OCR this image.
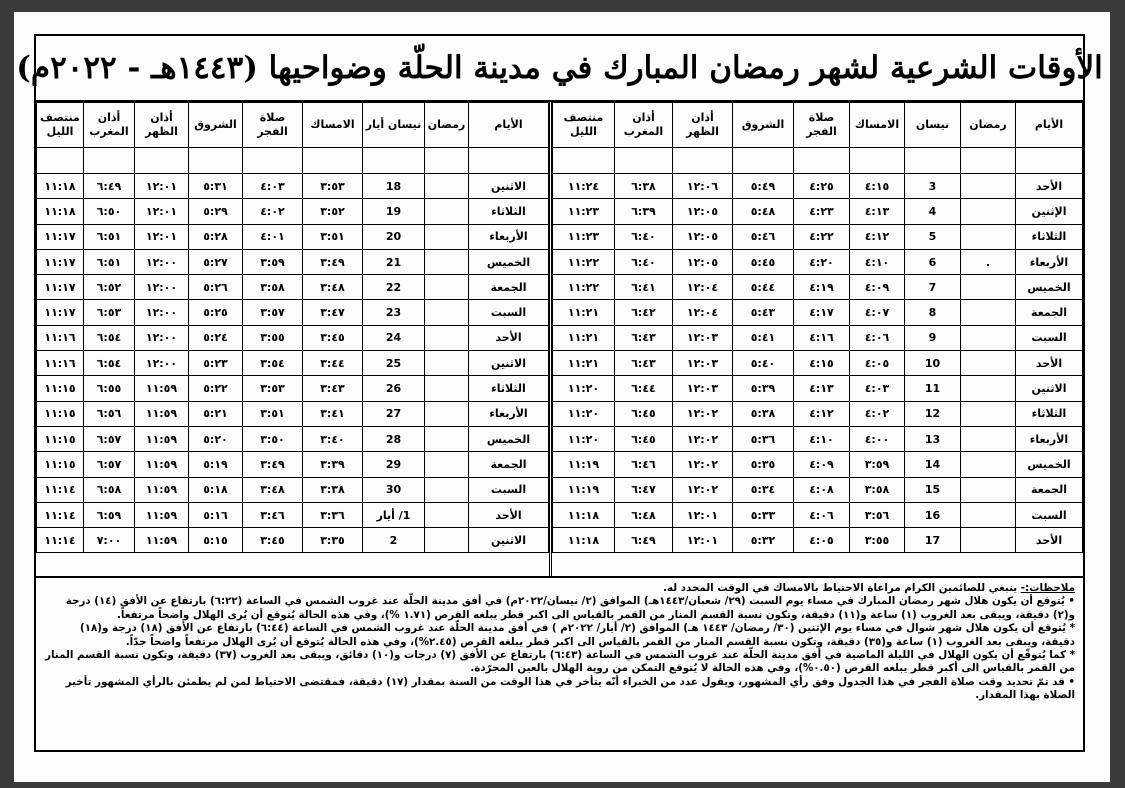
الأوقات الشرعية لشهر رمضان المبارك في مدينة الحلّة وضواحيها (١٤٤٣هـ - ٢٠٢٢م)
الأيام	رمضان	نيسان	الامساك	صلاة الفجر	الشروق	أذان الظهر	أذان المغرب	منتصف الليل

الأحد		3	٤:١٥	٤:٢٥	٥:٤٩	١٢:٠٦	٦:٣٨	١١:٢٤
الإثنين		4	٤:١٣	٤:٢٣	٥:٤٨	١٢:٠٥	٦:٣٩	١١:٢٣
الثلاثاء		5	٤:١٢	٤:٢٢	٥:٤٦	١٢:٠٥	٦:٤٠	١١:٢٣
الأربعاء	.	6	٤:١٠	٤:٢٠	٥:٤٥	١٢:٠٥	٦:٤٠	١١:٢٢
الخميس		7	٤:٠٩	٤:١٩	٥:٤٤	١٢:٠٤	٦:٤١	١١:٢٢
الجمعة		8	٤:٠٧	٤:١٧	٥:٤٣	١٢:٠٤	٦:٤٢	١١:٢١
السبت		9	٤:٠٦	٤:١٦	٥:٤١	١٢:٠٣	٦:٤٣	١١:٢١
الأحد		10	٤:٠٥	٤:١٥	٥:٤٠	١٢:٠٣	٦:٤٣	١١:٢١
الاثنين		11	٤:٠٣	٤:١٣	٥:٣٩	١٢:٠٣	٦:٤٤	١١:٢٠
الثلاثاء		12	٤:٠٢	٤:١٢	٥:٣٨	١٢:٠٢	٦:٤٥	١١:٢٠
الأربعاء		13	٤:٠٠	٤:١٠	٥:٣٦	١٢:٠٢	٦:٤٥	١١:٢٠
الخميس		14	٣:٥٩	٤:٠٩	٥:٣٥	١٢:٠٢	٦:٤٦	١١:١٩
الجمعة		15	٣:٥٨	٤:٠٨	٥:٣٤	١٢:٠٢	٦:٤٧	١١:١٩
السبت		16	٣:٥٦	٤:٠٦	٥:٣٣	١٢:٠١	٦:٤٨	١١:١٨
الأحد		17	٣:٥٥	٤:٠٥	٥:٣٢	١٢:٠١	٦:٤٩	١١:١٨
الأيام	رمضان	نيسان أيار	الامساك	صلاة الفجر	الشروق	أذان الظهر	أذان المغرب	منتصف الليل

الاثنين		18	٣:٥٣	٤:٠٣	٥:٣١	١٢:٠١	٦:٤٩	١١:١٨
الثلاثاء		19	٣:٥٢	٤:٠٢	٥:٢٩	١٢:٠١	٦:٥٠	١١:١٨
الأربعاء		20	٣:٥١	٤:٠١	٥:٢٨	١٢:٠١	٦:٥١	١١:١٧
الخميس		21	٣:٤٩	٣:٥٩	٥:٢٧	١٢:٠٠	٦:٥١	١١:١٧
الجمعة		22	٣:٤٨	٣:٥٨	٥:٢٦	١٢:٠٠	٦:٥٢	١١:١٧
السبت		23	٣:٤٧	٣:٥٧	٥:٢٥	١٢:٠٠	٦:٥٣	١١:١٧
الأحد		24	٣:٤٥	٣:٥٥	٥:٢٤	١٢:٠٠	٦:٥٤	١١:١٦
الاثنين		25	٣:٤٤	٣:٥٤	٥:٢٣	١٢:٠٠	٦:٥٤	١١:١٦
الثلاثاء		26	٣:٤٣	٣:٥٣	٥:٢٢	١١:٥٩	٦:٥٥	١١:١٥
الأربعاء		27	٣:٤١	٣:٥١	٥:٢١	١١:٥٩	٦:٥٦	١١:١٥
الخميس		28	٣:٤٠	٣:٥٠	٥:٢٠	١١:٥٩	٦:٥٧	١١:١٥
الجمعة		29	٣:٣٩	٣:٤٩	٥:١٩	١١:٥٩	٦:٥٧	١١:١٥
السبت		30	٣:٣٨	٣:٤٨	٥:١٨	١١:٥٩	٦:٥٨	١١:١٤
الأحد		1/ أيار	٣:٣٦	٣:٤٦	٥:١٦	١١:٥٩	٦:٥٩	١١:١٤
الاثنين		2	٣:٣٥	٣:٤٥	٥:١٥	١١:٥٩	٧:٠٠	١١:١٤

ملاحظات:- ينبغي للصائمين الكرام مراعاة الاحتياط بالامساك في الوقت المحدد له.

• يُتوقع أن يكون هلال شهر رمضان المبارك في مساء يوم السبت (٢٩/ شعبان/١٤٤٣هـ) الموافق (٢/ نيسان/٢٠٢٢م) في أفق مدينة الحلّة عند غروب الشمس في الساعة (٦:٢٢) بارتفاع عن الأفق (١٤) درجة و(٢) دقيقة، ويبقى بعد الغروب (١) ساعة و(١١) دقيقة، وتكون نسبة القسم المنار من القمر بالقياس الى اكبر قطر يبلغه القرص (١.٧١ %)، وفي هذه الحالة يُتوقع أن يُرى الهلال واضحاً مرتفعاً.

* يُتوقع أن يكون هلال شهر شوال في مساء يوم الإثنين (٣٠/ رمضان/ ١٤٤٣ هـ) الموافق (٢/ أيار/ ٢٠٢٢م ) في أفق مدينة الحلّة عند غروب الشمس في الساعة (٦:٤٤) بارتفاع عن الأفق (١٨) درجة و(١٨) دقيقة، ويبقى بعد الغروب (١) ساعة و(٣٥) دقيقة، وتكون نسبة القسم المنار من القمر بالقياس الى اكبر قطر يبلغه القرص (٢.٤٥%)، وفي هذه الحالة يُتوقع أن يُرى الهلال مرتفعاً واضحاً جدّاً.

* كما يُتوقّع أن يكون الهلال في الليلة الماضية في أفق مدينة الحلّة عند غروب الشمس في الساعة (٦:٤٣) بارتفاع عن الأفق (٧) درجات و(١٠) دقائق، ويبقى بعد الغروب (٣٧) دقيقة، وتكون نسبة القسم المنار من القمر بالقياس الى أكبر قطر يبلغه القرص (٠.٥٠%)، وفي هذه الحالة لا يُتوقع التمكن من روية الهلال بالعين المجرّدة.

• قد تمّ تحديد وقت صلاة الفجر في هذا الجدول وفق رأي المشهور، ويقول عدد من الخبراء أنّه يتأخر في هذا الوقت من السنة بمقدار (١٧) دقيقة، فمقتضى الاحتياط لمن لم يطمئن بالرأي المشهور تأخير الصلاة بهذا المقدار.
